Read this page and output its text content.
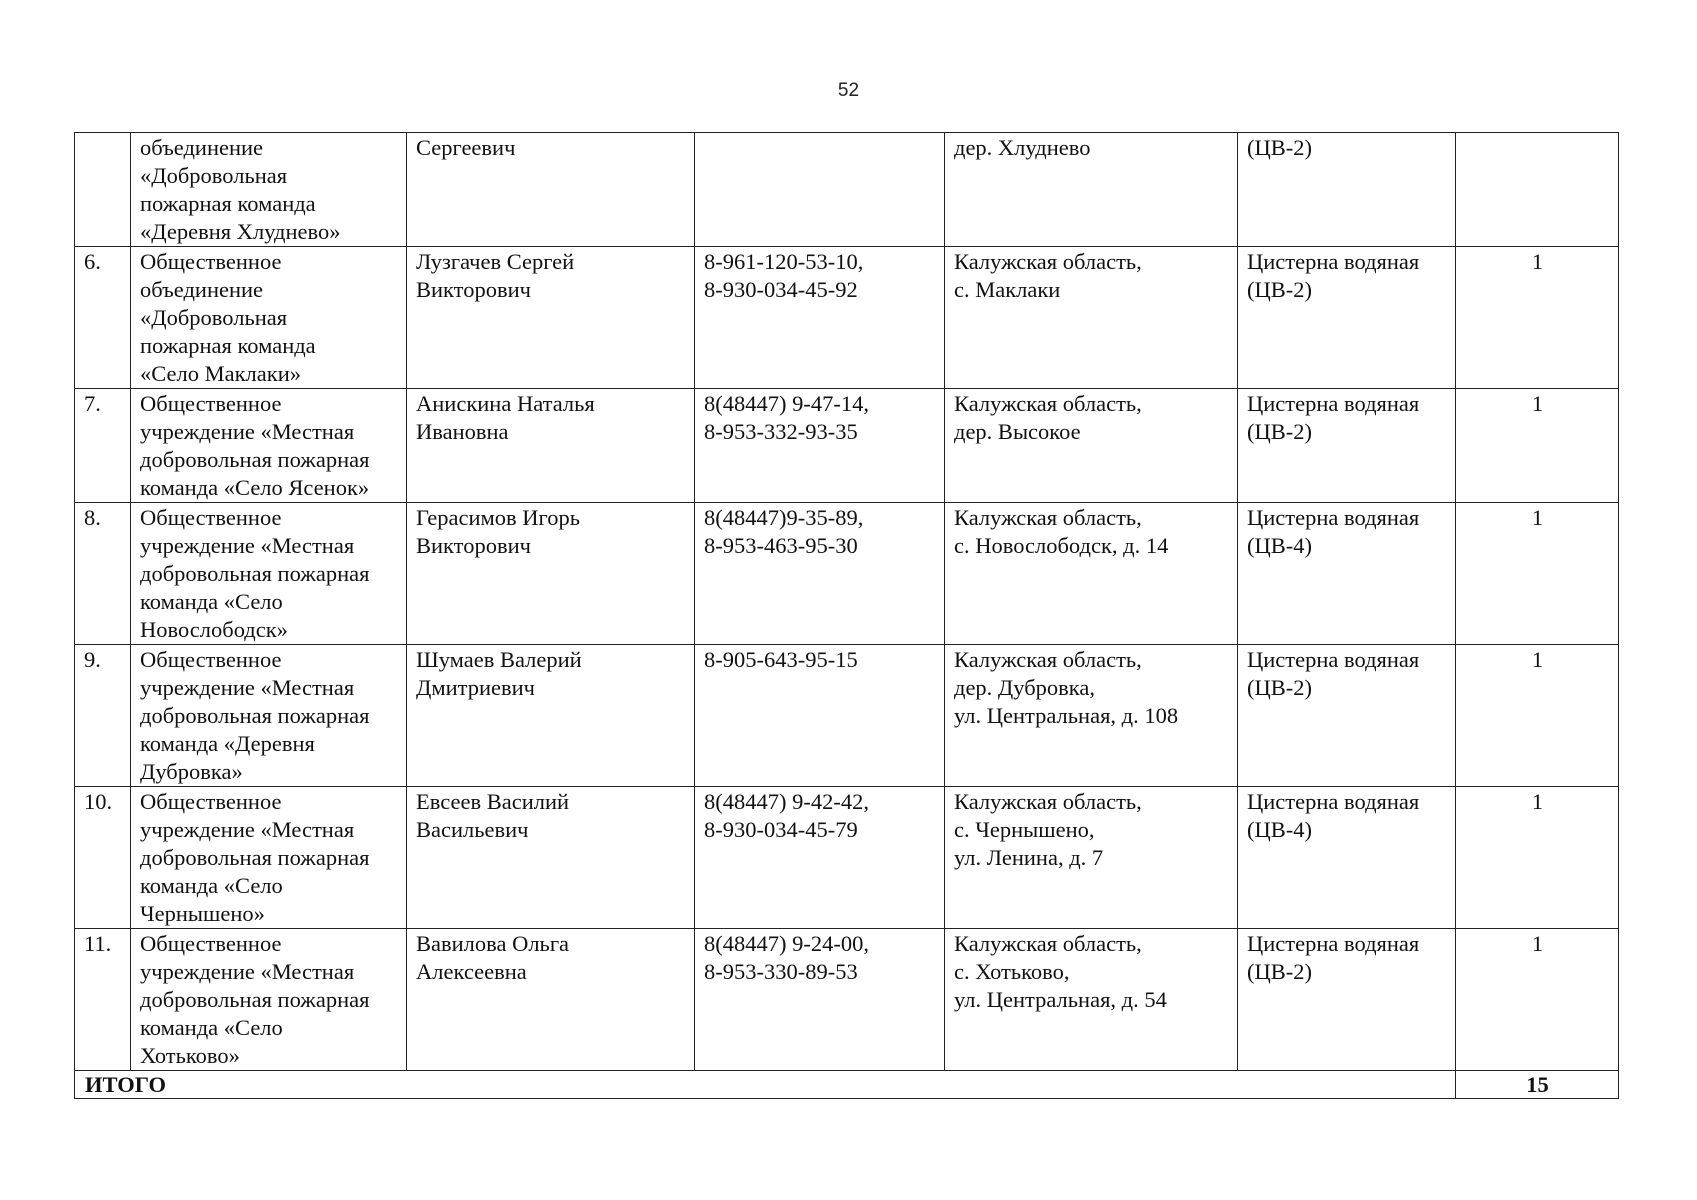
52
	объединение
«Добровольная
пожарная команда
«Деревня Хлуднево»	Сергеевич		дер. Хлуднево	(ЦВ-2)	
6.	Общественное
объединение
«Добровольная
пожарная команда
«Село Маклаки»	Лузгачев Сергей
Викторович	8-961-120-53-10,
8-930-034-45-92	Калужская область,
с. Маклаки	Цистерна водяная
(ЦВ-2)	1
7.	Общественное
учреждение «Местная
добровольная пожарная
команда «Село Ясенок»	Анискина Наталья
Ивановна	8(48447) 9-47-14,
8-953-332-93-35	Калужская область,
дер. Высокое	Цистерна водяная
(ЦВ-2)	1
8.	Общественное
учреждение «Местная
добровольная пожарная
команда «Село
Новослободск»	Герасимов Игорь
Викторович	8(48447)9-35-89,
8-953-463-95-30	Калужская область,
с. Новослободск, д. 14	Цистерна водяная
(ЦВ-4)	1
9.	Общественное
учреждение «Местная
добровольная пожарная
команда «Деревня
Дубровка»	Шумаев Валерий
Дмитриевич	8-905-643-95-15	Калужская область,
дер. Дубровка,
ул. Центральная, д. 108	Цистерна водяная
(ЦВ-2)	1
10.	Общественное
учреждение «Местная
добровольная пожарная
команда «Село
Чернышено»	Евсеев Василий
Васильевич	8(48447) 9-42-42,
8-930-034-45-79	Калужская область,
с. Чернышено,
ул. Ленина, д. 7	Цистерна водяная
(ЦВ-4)	1
11.	Общественное
учреждение «Местная
добровольная пожарная
команда «Село
Хотьково»	Вавилова Ольга
Алексеевна	8(48447) 9-24-00,
8-953-330-89-53	Калужская область,
с. Хотьково,
ул. Центральная, д. 54	Цистерна водяная
(ЦВ-2)	1
ИТОГО						15
